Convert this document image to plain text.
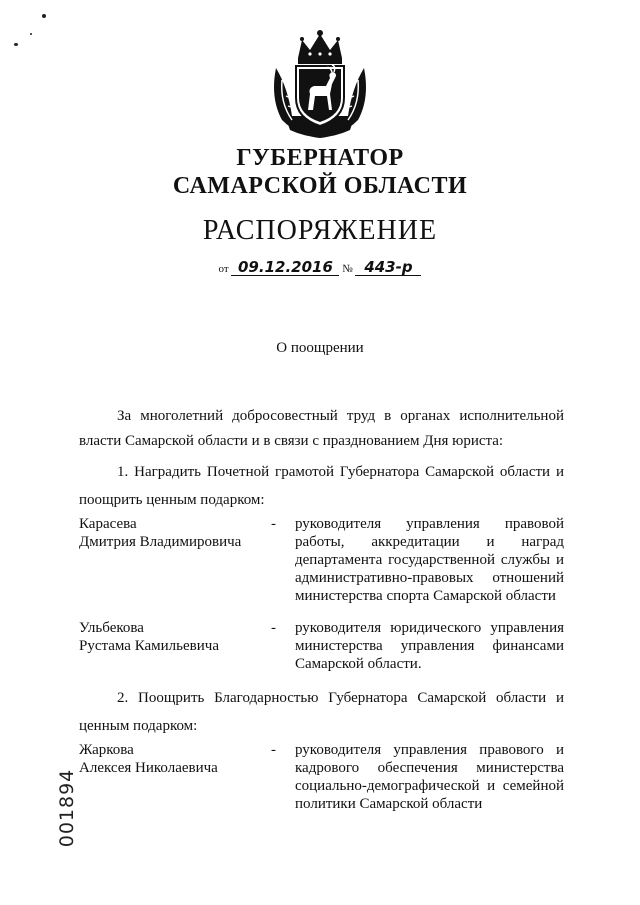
ГУБЕРНАТОР
САМАРСКОЙ ОБЛАСТИ
РАСПОРЯЖЕНИЕ
от 09.12.2016 № 443-р
О поощрении
За многолетний добросовестный труд в органах исполнительной власти Самарской области и в связи с празднованием Дня юриста:
1. Наградить Почетной грамотой Губернатора Самарской области и поощрить ценным подарком:
Карасева
Дмитрия Владимировича
- руководителя управления правовой работы, аккредитации и наград департамента государственной службы и административно-правовых отношений министерства спорта Самарской области
Ульбекова
Рустама Камильевича
- руководителя юридического управления министерства управления финансами Самарской области.
2. Поощрить Благодарностью Губернатора Самарской области и ценным подарком:
Жаркова
Алексея Николаевича
- руководителя управления правового и кадрового обеспечения министерства социально-демографической и семейной политики Самарской области
001894
